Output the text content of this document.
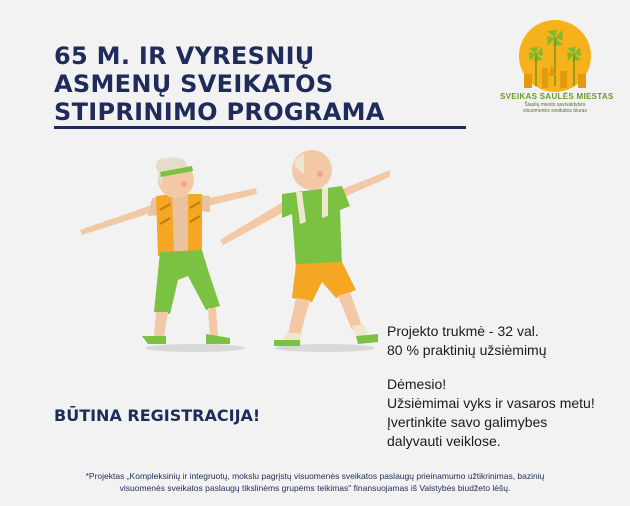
65 M. IR VYRESNIŲ
ASMENŲ SVEIKATOS
STIPRINIMO PROGRAMA
SVEIKAS SAULĖS MIESTAS
Šiaulių miesto savivaldybės
visuomenės sveikatos biuras
Projekto trukmė - 32 val.
80 % praktinių užsiėmimų
Dėmesio!
Užsiėmimai vyks ir vasaros metu!
Įvertinkite savo galimybes
dalyvauti veiklose.
BŪTINA REGISTRACIJA!
*Projektas „Kompleksinių ir integruotų, mokslu pagrįstų visuomenės sveikatos paslaugų prieinamumo užtikrinimas, bazinių
visuomenės sveikatos paslaugų tikslinėms grupėms teikimas" finansuojamas iš Valstybės biudžeto lėšų.
